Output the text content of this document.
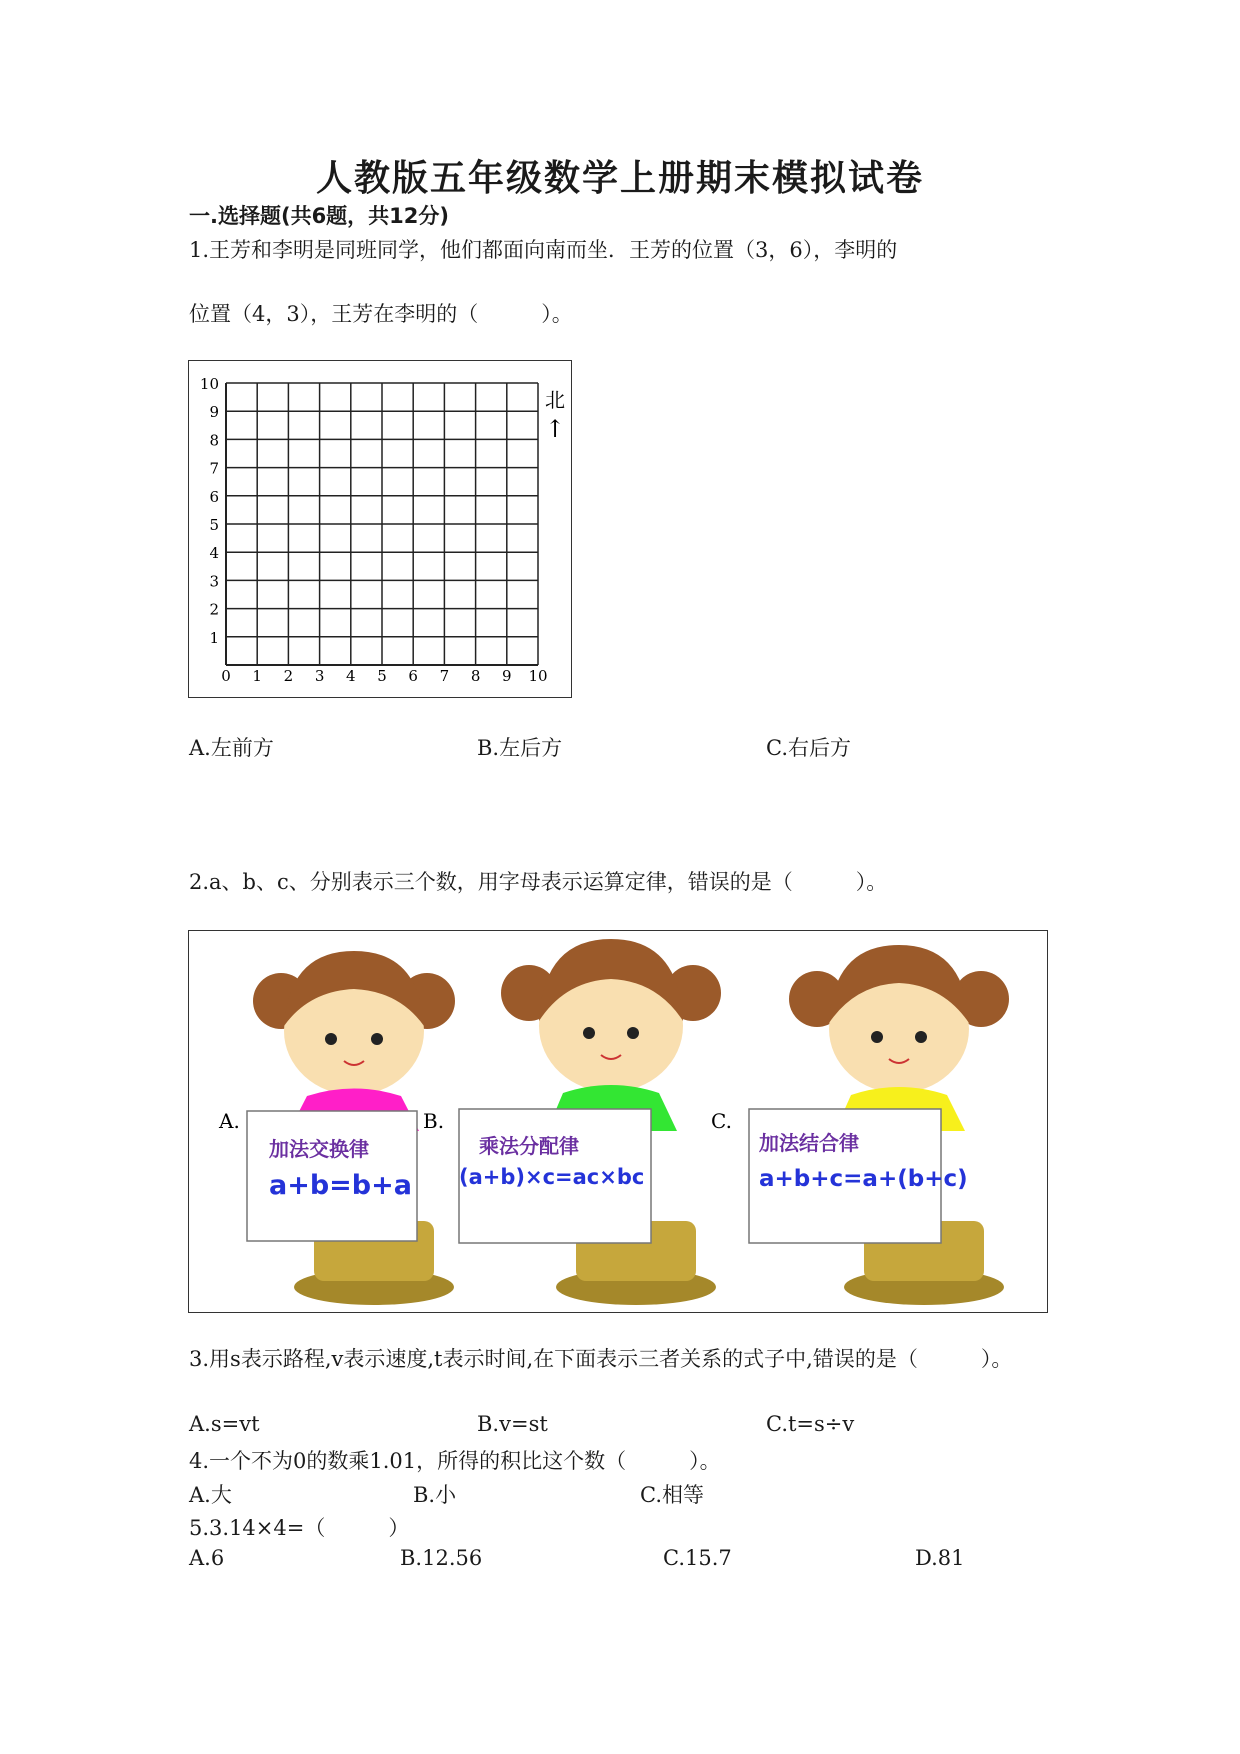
人教版五年级数学上册期末模拟试卷
一.选择题(共6题，共12分)
1.王芳和李明是同班同学，他们都面向南而坐．王芳的位置（3，6），李明的
位置（4，3），王芳在李明的（　　　）。
10
9
8
7
6
5
4
3
2
1
0 1 2 3 4 5 6 7 8 9 10
北
↑
A.左前方	B.左后方	C.右后方
2.a、b、c、分别表示三个数，用字母表示运算定律，错误的是（　　　）。
A.
加法交换律
a+b=b+a
B.
乘法分配律
(a+b)×c=ac×bc
C.
加法结合律
a+b+c=a+(b+c)
3.用s表示路程,v表示速度,t表示时间,在下面表示三者关系的式子中,错误的是（　　　）。
A.s=vt	B.v=st	C.t=s÷v
4.一个不为0的数乘1.01，所得的积比这个数（　　　）。
A.大	B.小	C.相等
5.3.14×4=（　　　）
A.6	B.12.56	C.15.7	D.81
